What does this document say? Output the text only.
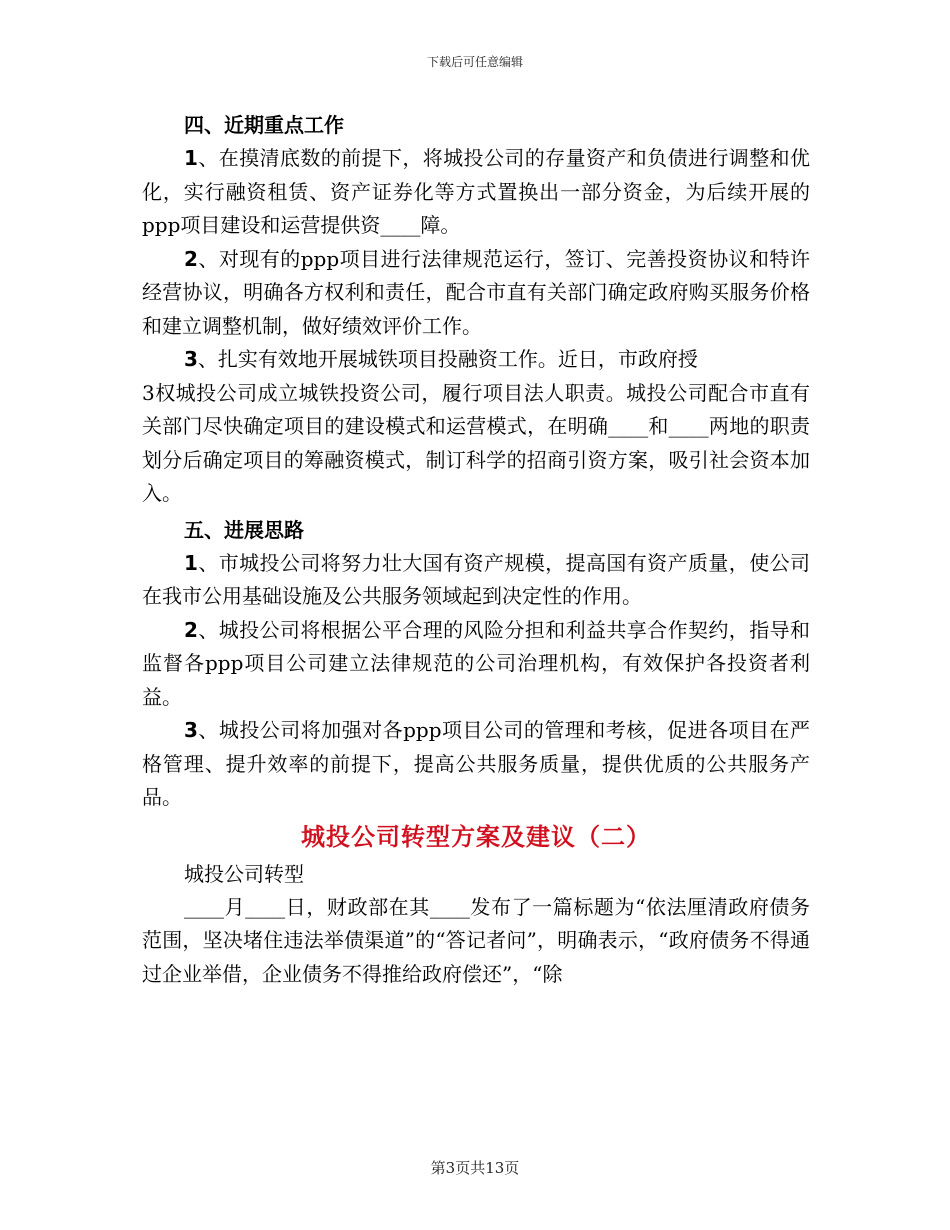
下载后可任意编辑

四、近期重点工作

1、在摸清底数的前提下，将城投公司的存量资产和负债进行调整和优化，实行融资租赁、资产证券化等方式置换出一部分资金，为后续开展的ppp项目建设和运营提供资____障。

2、对现有的ppp项目进行法律规范运行，签订、完善投资协议和特许经营协议，明确各方权利和责任，配合市直有关部门确定政府购买服务价格和建立调整机制，做好绩效评价工作。

3、扎实有效地开展城铁项目投融资工作。近日，市政府授

3权城投公司成立城铁投资公司，履行项目法人职责。城投公司配合市直有关部门尽快确定项目的建设模式和运营模式，在明确____和____两地的职责划分后确定项目的筹融资模式，制订科学的招商引资方案，吸引社会资本加入。

五、进展思路

1、市城投公司将努力壮大国有资产规模，提高国有资产质量，使公司在我市公用基础设施及公共服务领域起到决定性的作用。

2、城投公司将根据公平合理的风险分担和利益共享合作契约，指导和监督各ppp项目公司建立法律规范的公司治理机构，有效保护各投资者利益。

3、城投公司将加强对各ppp项目公司的管理和考核，促进各项目在严格管理、提升效率的前提下，提高公共服务质量，提供优质的公共服务产品。

城投公司转型方案及建议（二）

城投公司转型

____月____日，财政部在其____发布了一篇标题为“依法厘清政府债务范围，坚决堵住违法举债渠道”的“答记者问”，明确表示，“政府债务不得通过企业举借，企业债务不得推给政府偿还”，“除

第3页共13页
